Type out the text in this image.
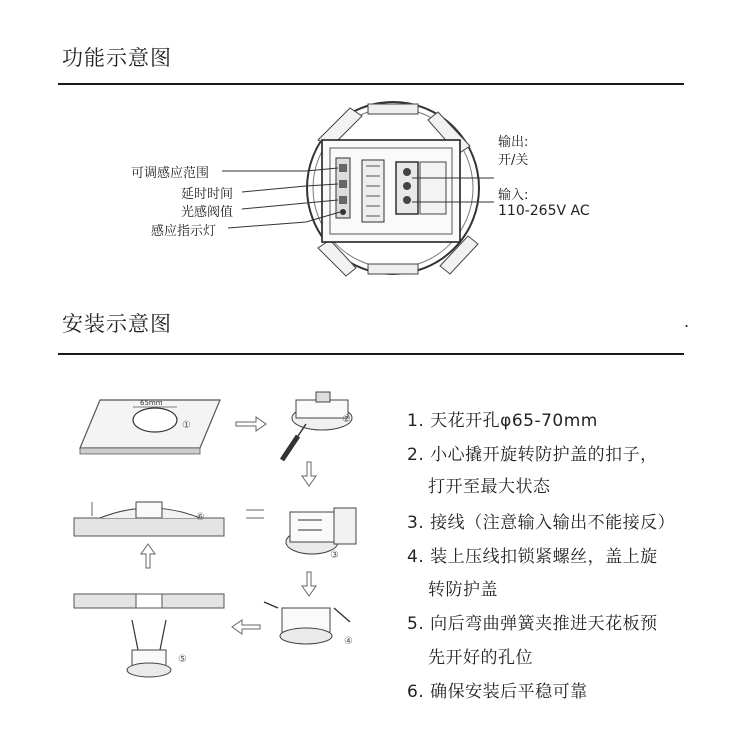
功能示意图
可调感应范围
延时时间
光感阀值
感应指示灯
输出:
开/关
输入:
110-265V AC
安装示意图	.
65mm
①
②
⑥
③
④
⑤
1. 天花开孔φ65-70mm
2. 小心撬开旋转防护盖的扣子，
打开至最大状态
3. 接线（注意输入输出不能接反）
4. 装上压线扣锁紧螺丝，盖上旋
转防护盖
5. 向后弯曲弹簧夹推进天花板预
先开好的孔位
6. 确保安装后平稳可靠
